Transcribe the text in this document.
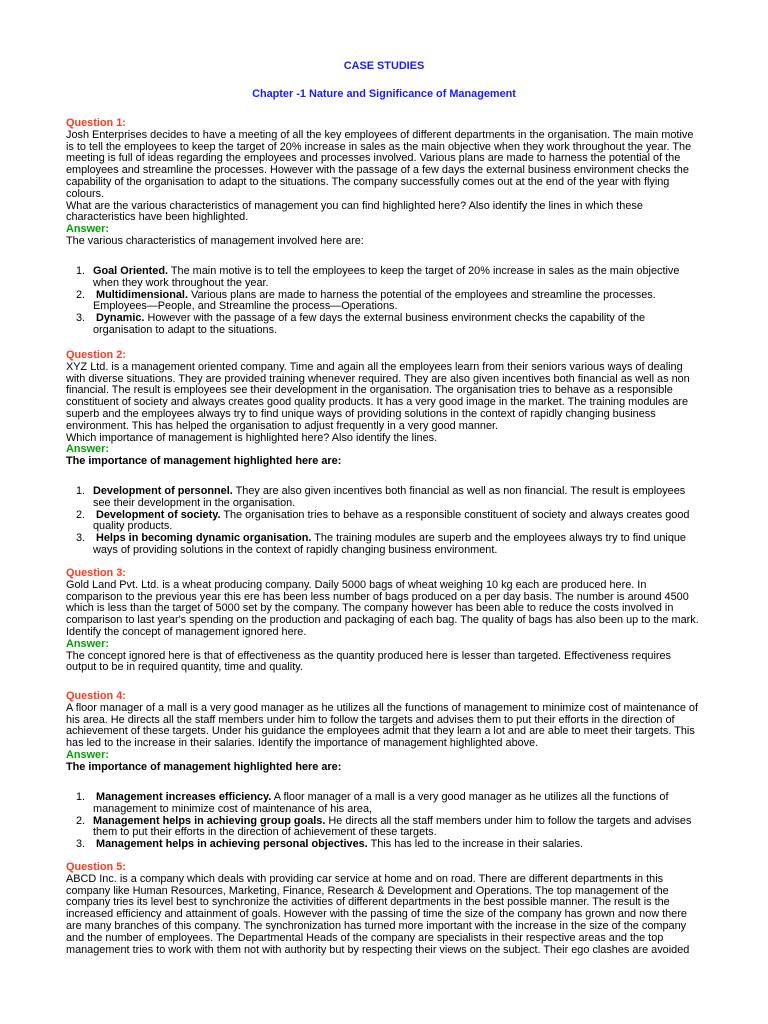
CASE STUDIES
Chapter -1 Nature and Significance of Management
Question 1:

Josh Enterprises decides to have a meeting of all the key employees of different departments in the organisation. The main motive

is to tell the employees to keep the target of 20% increase in sales as the main objective when they work throughout the year. The

meeting is full of ideas regarding the employees and processes involved. Various plans are made to harness the potential of the

employees and streamline the processes. However with the passage of a few days the external business environment checks the

capability of the organisation to adapt to the situations. The company successfully comes out at the end of the year with flying

colours.

What are the various characteristics of management you can find highlighted here? Also identify the lines in which these

characteristics have been highlighted.

Answer:

The various characteristics of management involved here are:

1. Goal Oriented. The main motive is to tell the employees to keep the target of 20% increase in sales as the main objective
when they work throughout the year.
2. Multidimensional. Various plans are made to harness the potential of the employees and streamline the processes.
Employees—People, and Streamline the process—Operations.
3. Dynamic. However with the passage of a few days the external business environment checks the capability of the
organisation to adapt to the situations.
Question 2:

XYZ Ltd. is a management oriented company. Time and again all the employees learn from their seniors various ways of dealing

with diverse situations. They are provided training whenever required. They are also given incentives both financial as well as non

financial. The result is employees see their development in the organisation. The organisation tries to behave as a responsible

constituent of society and always creates good quality products. It has a very good image in the market. The training modules are

superb and the employees always try to find unique ways of providing solutions in the context of rapidly changing business

environment. This has helped the organisation to adjust frequently in a very good manner.

Which importance of management is highlighted here? Also identify the lines.

Answer:

The importance of management highlighted here are:

1. Development of personnel. They are also given incentives both financial as well as non financial. The result is employees
see their development in the organisation.
2. Development of society. The organisation tries to behave as a responsible constituent of society and always creates good
quality products.
3. Helps in becoming dynamic organisation. The training modules are superb and the employees always try to find unique
ways of providing solutions in the context of rapidly changing business environment.
Question 3:

Gold Land Pvt. Ltd. is a wheat producing company. Daily 5000 bags of wheat weighing 10 kg each are produced here. In

comparison to the previous year this ere has been less number of bags produced on a per day basis. The number is around 4500

which is less than the target of 5000 set by the company. The company however has been able to reduce the costs involved in

comparison to last year's spending on the production and packaging of each bag. The quality of bags has also been up to the mark.

Identify the concept of management ignored here.

Answer:

The concept ignored here is that of effectiveness as the quantity produced here is lesser than targeted. Effectiveness requires

output to be in required quantity, time and quality.

Question 4:

A floor manager of a mall is a very good manager as he utilizes all the functions of management to minimize cost of maintenance of

his area. He directs all the staff members under him to follow the targets and advises them to put their efforts in the direction of

achievement of these targets. Under his guidance the employees admit that they learn a lot and are able to meet their targets. This

has led to the increase in their salaries. Identify the importance of management highlighted above.

Answer:

The importance of management highlighted here are:

1. Management increases efficiency. A floor manager of a mall is a very good manager as he utilizes all the functions of
management to minimize cost of maintenance of his area,
2. Management helps in achieving group goals. He directs all the staff members under him to follow the targets and advises
them to put their efforts in the direction of achievement of these targets.
3. Management helps in achieving personal objectives. This has led to the increase in their salaries.
Question 5:

ABCD Inc. is a company which deals with providing car service at home and on road. There are different departments in this

company like Human Resources, Marketing, Finance, Research & Development and Operations. The top management of the

company tries its level best to synchronize the activities of different departments in the best possible manner. The result is the

increased efficiency and attainment of goals. However with the passing of time the size of the company has grown and now there

are many branches of this company. The synchronization has turned more important with the increase in the size of the company

and the number of employees. The Departmental Heads of the company are specialists in their respective areas and the top

management tries to work with them not with authority but by respecting their views on the subject. Their ego clashes are avoided
